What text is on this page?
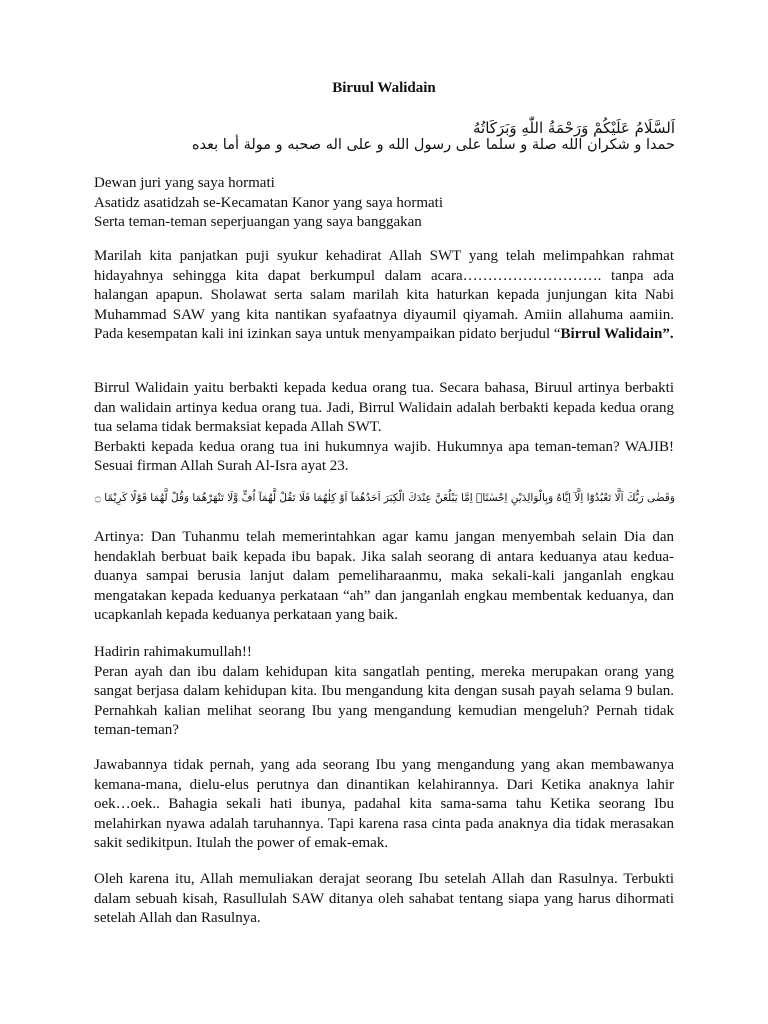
Biruul Walidain
اَلسَّلَامُ عَلَيْكُمْ وَرَحْمَةُ اللّٰهِ وَبَرَكَاتُهُ
حمدا و شكران الله صلة و سلما على رسول الله و على اله صحبه و مولة أما بعده

Dewan juri yang saya hormati

Asatidz asatidzah se-Kecamatan Kanor yang saya hormati

Serta teman-teman seperjuangan yang saya banggakan

Marilah kita panjatkan puji syukur kehadirat Allah SWT yang telah melimpahkan rahmat hidayahnya sehingga kita dapat berkumpul dalam acara………………………. tanpa ada halangan apapun. Sholawat serta salam marilah kita haturkan kepada junjungan kita Nabi Muhammad SAW yang kita nantikan syafaatnya diyaumil qiyamah. Amiin allahuma aamiin. Pada kesempatan kali ini izinkan saya untuk menyampaikan pidato berjudul “Birrul Walidain”.

Birrul Walidain yaitu berbakti kepada kedua orang tua. Secara bahasa, Biruul artinya berbakti dan walidain artinya kedua orang tua. Jadi, Birrul Walidain adalah berbakti kepada kedua orang tua selama tidak bermaksiat kepada Allah SWT.

Berbakti kepada kedua orang tua ini hukumnya wajib. Hukumnya apa teman-teman? WAJIB! Sesuai firman Allah Surah Al-Isra ayat 23.

وَقَضٰى رَبُّكَ اَلَّا تَعْبُدُوْٓا اِلَّآ اِيَّاهُ وَبِالْوَالِدَيْنِ اِحْسٰنًاۗ اِمَّا يَبْلُغَنَّ عِنْدَكَ الْكِبَرَ اَحَدُهُمَآ اَوْ كِلٰهُمَا فَلَا تَقُلْ لَّهُمَآ اُفٍّ وَّلَا تَنْهَرْهُمَا وَقُلْ لَّهُمَا قَوْلًا كَرِيْمًا ۝

Artinya: Dan Tuhanmu telah memerintahkan agar kamu jangan menyembah selain Dia dan hendaklah berbuat baik kepada ibu bapak. Jika salah seorang di antara keduanya atau kedua-duanya sampai berusia lanjut dalam pemeliharaanmu, maka sekali-kali janganlah engkau mengatakan kepada keduanya perkataan “ah” dan janganlah engkau membentak keduanya, dan ucapkanlah kepada keduanya perkataan yang baik.

Hadirin rahimakumullah!!

Peran ayah dan ibu dalam kehidupan kita sangatlah penting, mereka merupakan orang yang sangat berjasa dalam kehidupan kita. Ibu mengandung kita dengan susah payah selama 9 bulan. Pernahkah kalian melihat seorang Ibu yang mengandung kemudian mengeluh? Pernah tidak teman-teman?

Jawabannya tidak pernah, yang ada seorang Ibu yang mengandung yang akan membawanya kemana-mana, dielu-elus perutnya dan dinantikan kelahirannya. Dari Ketika anaknya lahir oek…oek.. Bahagia sekali hati ibunya, padahal kita sama-sama tahu Ketika seorang Ibu melahirkan nyawa adalah taruhannya. Tapi karena rasa cinta pada anaknya dia tidak merasakan sakit sedikitpun. Itulah the power of emak-emak.

Oleh karena itu, Allah memuliakan derajat seorang Ibu setelah Allah dan Rasulnya. Terbukti dalam sebuah kisah, Rasullulah SAW ditanya oleh sahabat tentang siapa yang harus dihormati setelah Allah dan Rasulnya.
